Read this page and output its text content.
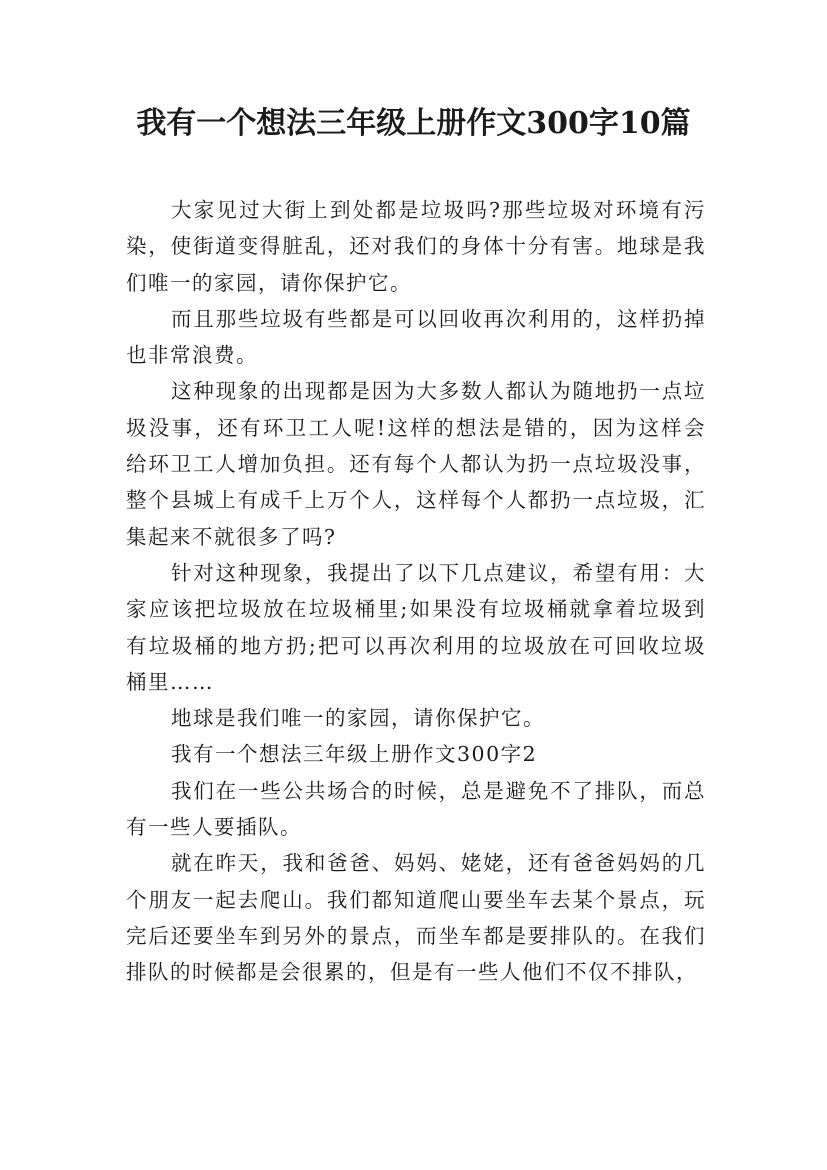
我有一个想法三年级上册作文300字10篇

大家见过大街上到处都是垃圾吗?那些垃圾对环境有污染，使街道变得脏乱，还对我们的身体十分有害。地球是我们唯一的家园，请你保护它。

而且那些垃圾有些都是可以回收再次利用的，这样扔掉也非常浪费。

这种现象的出现都是因为大多数人都认为随地扔一点垃圾没事，还有环卫工人呢!这样的想法是错的，因为这样会给环卫工人增加负担。还有每个人都认为扔一点垃圾没事，整个县城上有成千上万个人，这样每个人都扔一点垃圾，汇集起来不就很多了吗?

针对这种现象，我提出了以下几点建议，希望有用：大家应该把垃圾放在垃圾桶里;如果没有垃圾桶就拿着垃圾到有垃圾桶的地方扔;把可以再次利用的垃圾放在可回收垃圾桶里……

地球是我们唯一的家园，请你保护它。

我有一个想法三年级上册作文300字2

我们在一些公共场合的时候，总是避免不了排队，而总有一些人要插队。

就在昨天，我和爸爸、妈妈、姥姥，还有爸爸妈妈的几个朋友一起去爬山。我们都知道爬山要坐车去某个景点，玩完后还要坐车到另外的景点，而坐车都是要排队的。在我们排队的时候都是会很累的，但是有一些人他们不仅不排队，
